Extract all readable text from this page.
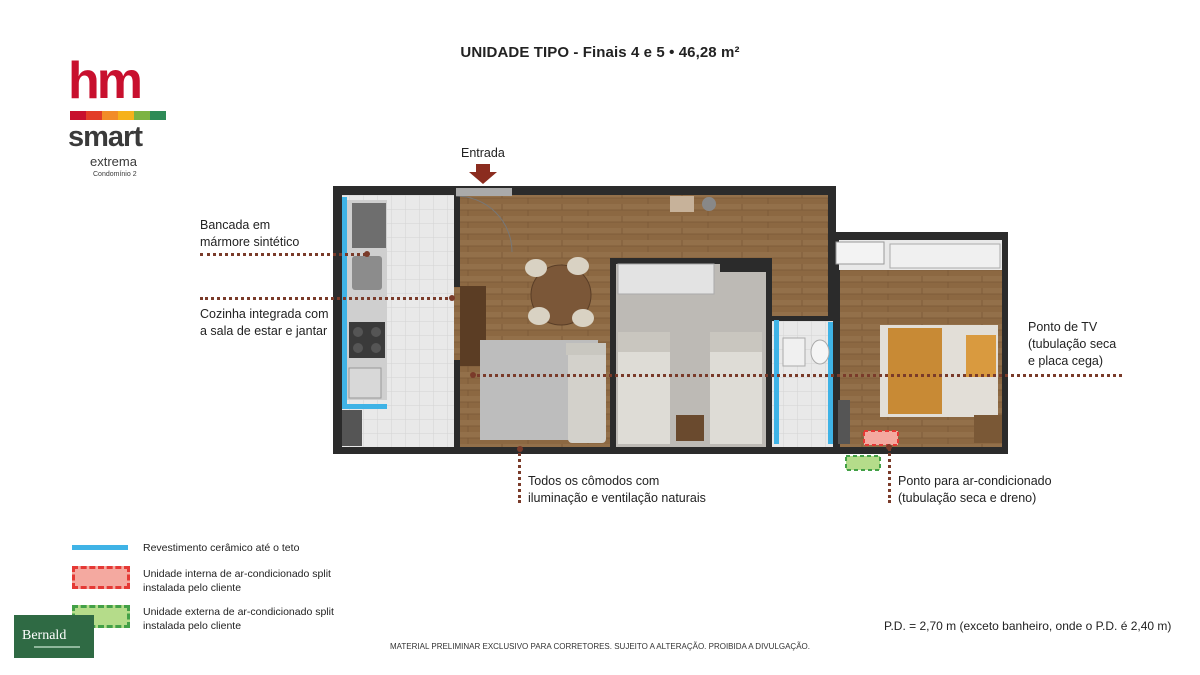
UNIDADE TIPO - Finais 4 e 5 • 46,28 m²
hm
smart
extrema
Condomínio 2
Entrada
Bancada em
mármore sintético
Cozinha integrada com
a sala de estar e jantar	Ponto de TV
(tubulação seca
e placa cega)
Todos os cômodos com
iluminação e ventilação naturais
Ponto para ar-condicionado
(tubulação seca e dreno)
Revestimento cerâmico até o teto
Unidade interna de ar-condicionado split
instalada pelo cliente
Unidade externa de ar-condicionado split
instalada pelo cliente
Bernald
P.D. = 2,70 m (exceto banheiro, onde o P.D. é 2,40 m)
MATERIAL PRELIMINAR EXCLUSIVO PARA CORRETORES. SUJEITO A ALTERAÇÃO. PROIBIDA A DIVULGAÇÃO.
